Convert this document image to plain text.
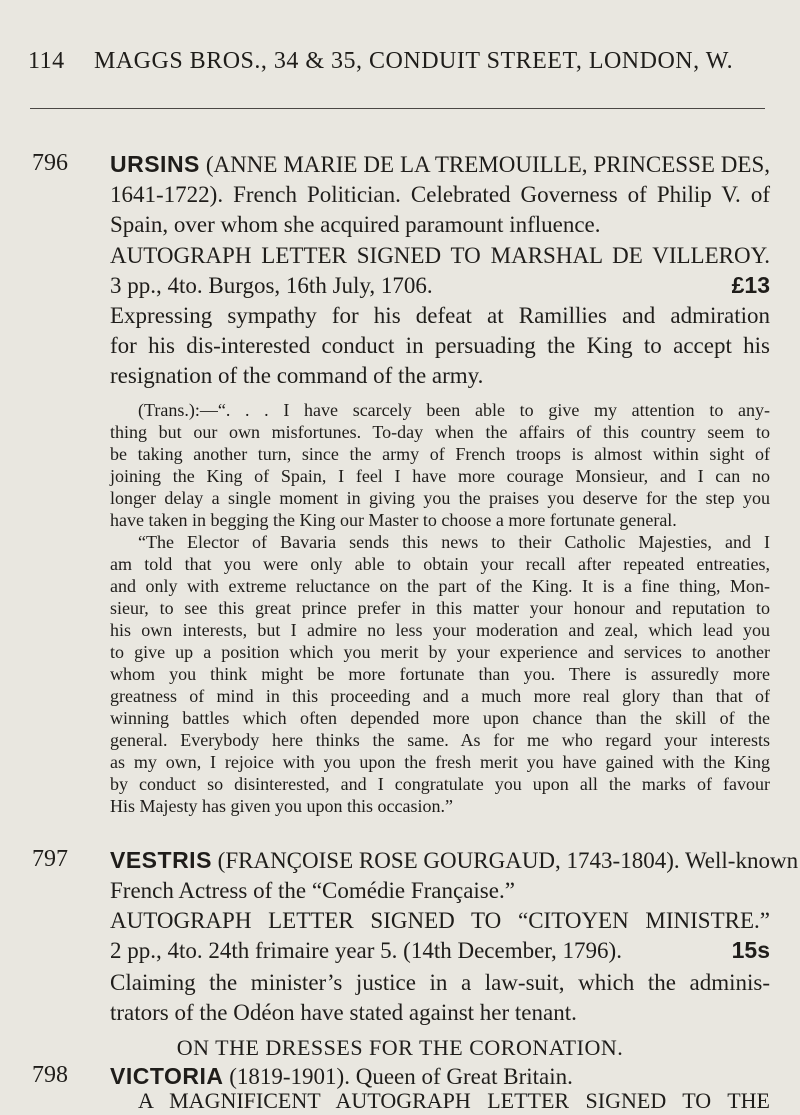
114 MAGGS BROS., 34 & 35, CONDUIT STREET, LONDON, W.
796 URSINS (ANNE MARIE DE LA TREMOUILLE, PRINCESSE DES,
1641-1722). French Politician. Celebrated Governess of Philip V. of
Spain, over whom she acquired paramount influence.
AUTOGRAPH LETTER SIGNED TO MARSHAL DE VILLEROY.
3 pp., 4to. Burgos, 16th July, 1706.	£13
Expressing sympathy for his defeat at Ramillies and admiration
for his dis-interested conduct in persuading the King to accept his
resignation of the command of the army.
(Trans.):—“. . . I have scarcely been able to give my attention to any-
thing but our own misfortunes. To-day when the affairs of this country seem to
be taking another turn, since the army of French troops is almost within sight of
joining the King of Spain, I feel I have more courage Monsieur, and I can no
longer delay a single moment in giving you the praises you deserve for the step you
have taken in begging the King our Master to choose a more fortunate general.
“The Elector of Bavaria sends this news to their Catholic Majesties, and I
am told that you were only able to obtain your recall after repeated entreaties,
and only with extreme reluctance on the part of the King. It is a fine thing, Mon-
sieur, to see this great prince prefer in this matter your honour and reputation to
his own interests, but I admire no less your moderation and zeal, which lead you
to give up a position which you merit by your experience and services to another
whom you think might be more fortunate than you. There is assuredly more
greatness of mind in this proceeding and a much more real glory than that of
winning battles which often depended more upon chance than the skill of the
general. Everybody here thinks the same. As for me who regard your interests
as my own, I rejoice with you upon the fresh merit you have gained with the King
by conduct so disinterested, and I congratulate you upon all the marks of favour
His Majesty has given you upon this occasion.”
797 VESTRIS (FRANÇOISE ROSE GOURGAUD, 1743-1804). Well-known
French Actress of the “Comédie Française.”
AUTOGRAPH LETTER SIGNED TO “CITOYEN MINISTRE.”
2 pp., 4to. 24th frimaire year 5. (14th December, 1796).	15s
Claiming the minister’s justice in a law-suit, which the adminis-
trators of the Odéon have stated against her tenant.
ON THE DRESSES FOR THE CORONATION.
798 VICTORIA (1819-1901). Queen of Great Britain.
A MAGNIFICENT AUTOGRAPH LETTER SIGNED TO THE
